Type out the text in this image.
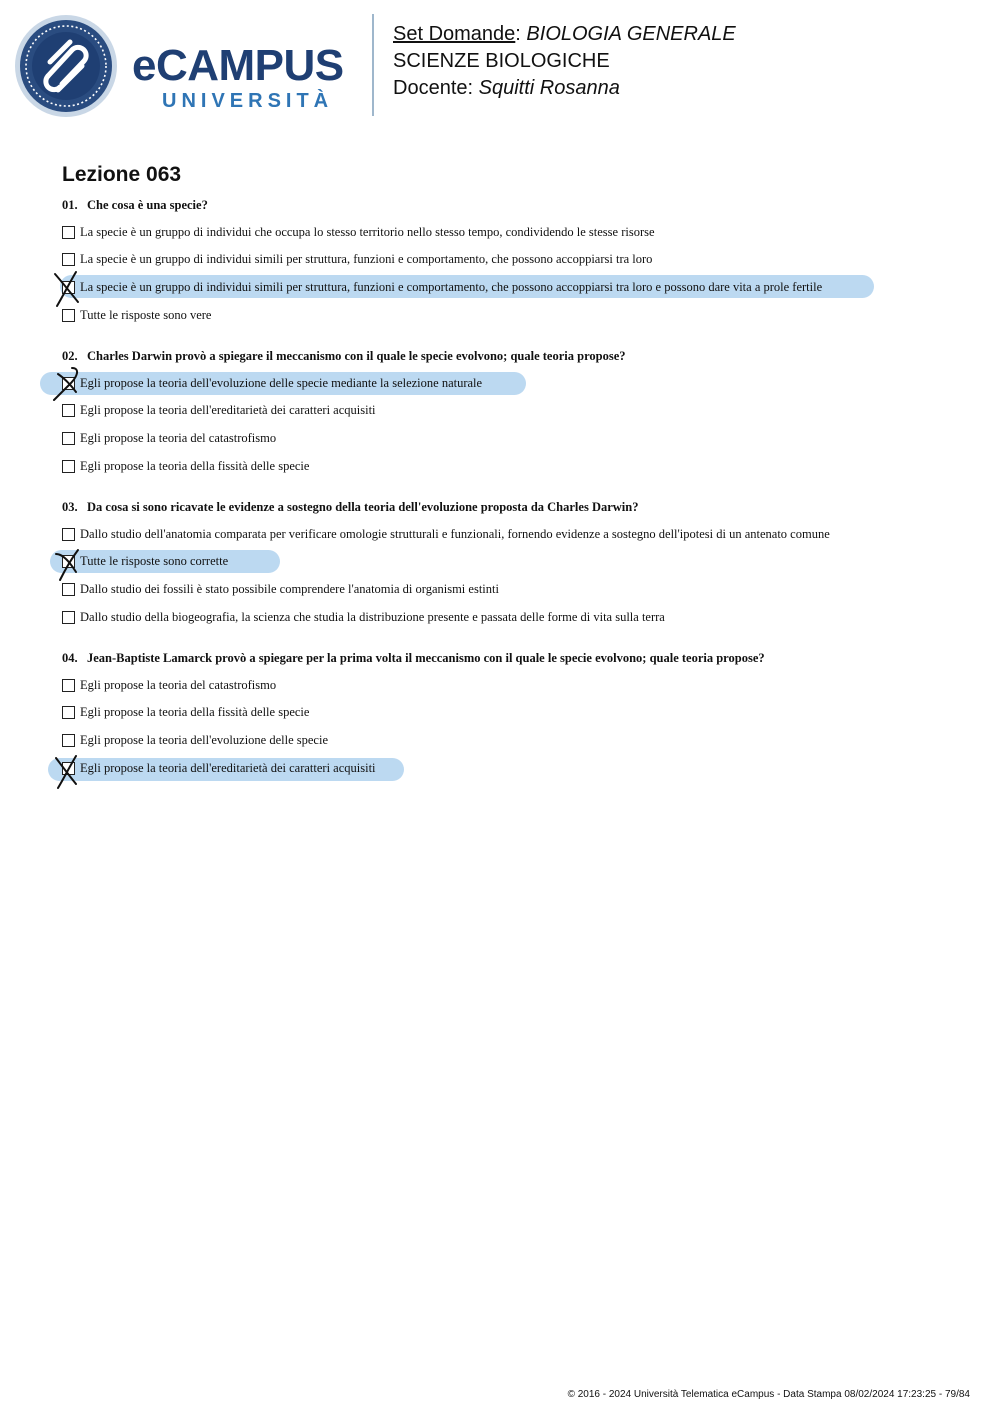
eCAMPUS
UNIVERSITÀ
Set Domande: BIOLOGIA GENERALE
SCIENZE BIOLOGICHE
Docente: Squitti Rosanna
Lezione 063
01. Che cosa è una specie?
La specie è un gruppo di individui che occupa lo stesso territorio nello stesso tempo, condividendo le stesse risorse
La specie è un gruppo di individui simili per struttura, funzioni e comportamento, che possono accoppiarsi tra loro
La specie è un gruppo di individui simili per struttura, funzioni e comportamento, che possono accoppiarsi tra loro e possono dare vita a prole fertile
Tutte le risposte sono vere
02. Charles Darwin provò a spiegare il meccanismo con il quale le specie evolvono; quale teoria propose?
Egli propose la teoria dell'evoluzione delle specie mediante la selezione naturale
Egli propose la teoria dell'ereditarietà dei caratteri acquisiti
Egli propose la teoria del catastrofismo
Egli propose la teoria della fissità delle specie
03. Da cosa si sono ricavate le evidenze a sostegno della teoria dell'evoluzione proposta da Charles Darwin?
Dallo studio dell'anatomia comparata per verificare omologie strutturali e funzionali, fornendo evidenze a sostegno dell'ipotesi di un antenato comune
Tutte le risposte sono corrette
Dallo studio dei fossili è stato possibile comprendere l'anatomia di organismi estinti
Dallo studio della biogeografia, la scienza che studia la distribuzione presente e passata delle forme di vita sulla terra
04. Jean-Baptiste Lamarck provò a spiegare per la prima volta il meccanismo con il quale le specie evolvono; quale teoria propose?
Egli propose la teoria del catastrofismo
Egli propose la teoria della fissità delle specie
Egli propose la teoria dell'evoluzione delle specie
Egli propose la teoria dell'ereditarietà dei caratteri acquisiti
© 2016 - 2024 Università Telematica eCampus - Data Stampa 08/02/2024 17:23:25 - 79/84
